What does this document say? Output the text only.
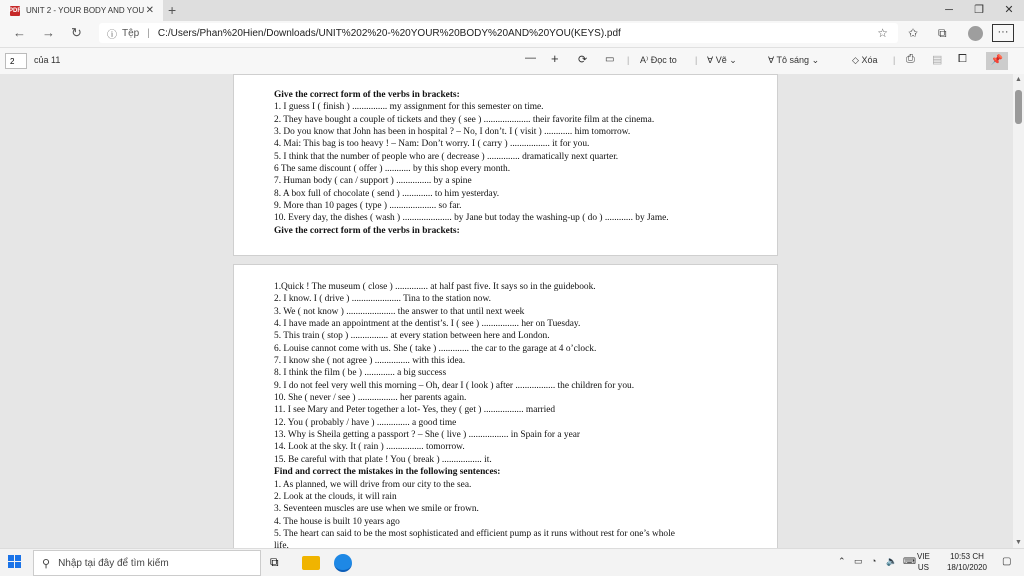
PDF UNIT 2 - YOUR BODY AND YOU ✕ +	─	❐	✕
← → ↻	ⓘ Tệp | C:/Users/Phan%20Hien/Downloads/UNIT%202%20-%20YOUR%20BODY%20AND%20YOU(KEYS).pdf	☆ ✩ ⧉	···
2	của 11	— + ⟳ ▭ | A⁾ Đọc to | ∀ Vẽ ⌄	∀ Tô sáng ⌄	◇ Xóa | ⎙ ▤ ⧠	📌
Give the correct form of the verbs in brackets:
1. I guess I ( finish ) ............... my assignment for this semester on time.
2. They have bought a couple of tickets and they ( see ) .................... their favorite film at the cinema.
3. Do you know that John has been in hospital ? – No, I don’t. I ( visit ) ............ him tomorrow.
4. Mai: This bag is too heavy ! – Nam: Don’t worry. I ( carry ) ................. it for you.
5. I think that the number of people who are ( decrease ) .............. dramatically next quarter.
6 The same discount ( offer ) ........... by this shop every month.
7. Human body ( can / support ) ............... by a spine
8. A box full of chocolate ( send ) ............. to him yesterday.
9. More than 10 pages ( type ) .................... so far.
10. Every day, the dishes ( wash ) ..................... by Jane but today the washing-up ( do ) ............ by Jame.
Give the correct form of the verbs in brackets:
1.Quick ! The museum ( close ) .............. at half past five. It says so in the guidebook.
2. I know. I ( drive ) ..................... Tina to the station now.
3. We ( not know ) ..................... the answer to that until next week
4. I have made an appointment at the dentist’s. I ( see ) ................ her on Tuesday.
5. This train ( stop ) ................ at every station between here and London.
6. Louise cannot come with us. She ( take ) ............. the car to the garage at 4 o’clock.
7. I know she ( not agree ) ............... with this idea.
8. I think the film ( be ) ............. a big success
9. I do not feel very well this morning – Oh, dear I ( look ) after ................. the children for you.
10. She ( never / see ) ................. her parents again.
11. I see Mary and Peter together a lot- Yes, they ( get ) ................. married
12. You ( probably / have ) .............. a good time
13. Why is Sheila getting a passport ? – She ( live ) ................. in Spain for a year
14. Look at the sky. It ( rain ) ................ tomorrow.
15. Be careful with that plate ! You ( break ) ................. it.
Find and correct the mistakes in the following sentences:
1. As planned, we will drive from our city to the sea.
2. Look at the clouds, it will rain
3. Seventeen muscles are use when we smile or frown.
4. The house is built 10 years ago
5. The heart can said to be the most sophisticated and efficient pump as it runs without rest for one’s whole
life.
▲
▼
⚲ Nhập tại đây để tìm kiếm	⧉	⌃ ▭ ◔ 🔈 ⌨ VIE
US
10:53 CH
18/10/2020
▢
